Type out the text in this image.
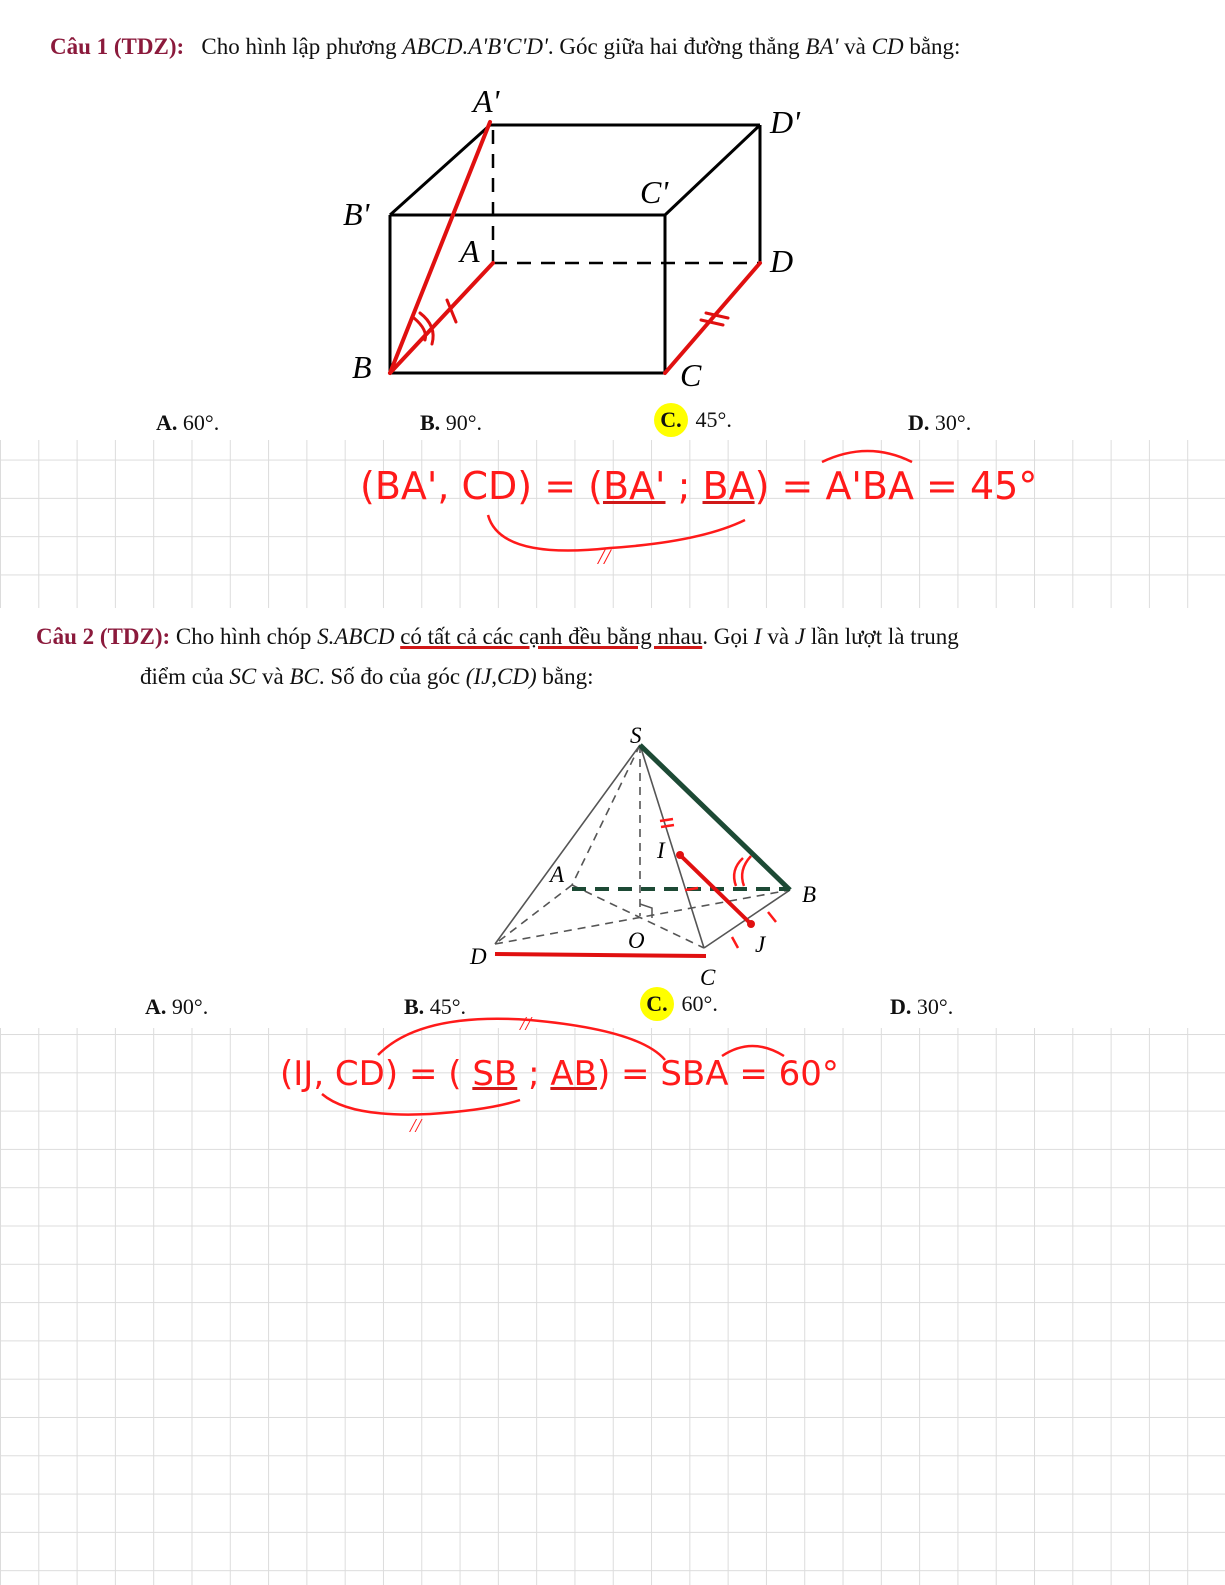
Câu 1 (TDZ): Cho hình lập phương ABCD.A'B'C'D'. Góc giữa hai đường thẳng BA' và CD bằng:
A'
D'
B'
C'
A	D
B	C
A. 60°.	B. 90°.	C. 45°.	D. 30°.
(BA', CD) = (BA' ; BA) = A'BA = 45°
//
Câu 2 (TDZ): Cho hình chóp S.ABCD có tất cả các cạnh đều bằng nhau. Gọi I và J lần lượt là trung
điểm của SC và BC. Số đo của góc (IJ,CD) bằng:
S
I
A
B
O	J
D
C
A. 90°.	B. 45°.	C. 60°.	D. 30°.
(IJ, CD) = ( SB ; AB) = SBA = 60°
//
//
